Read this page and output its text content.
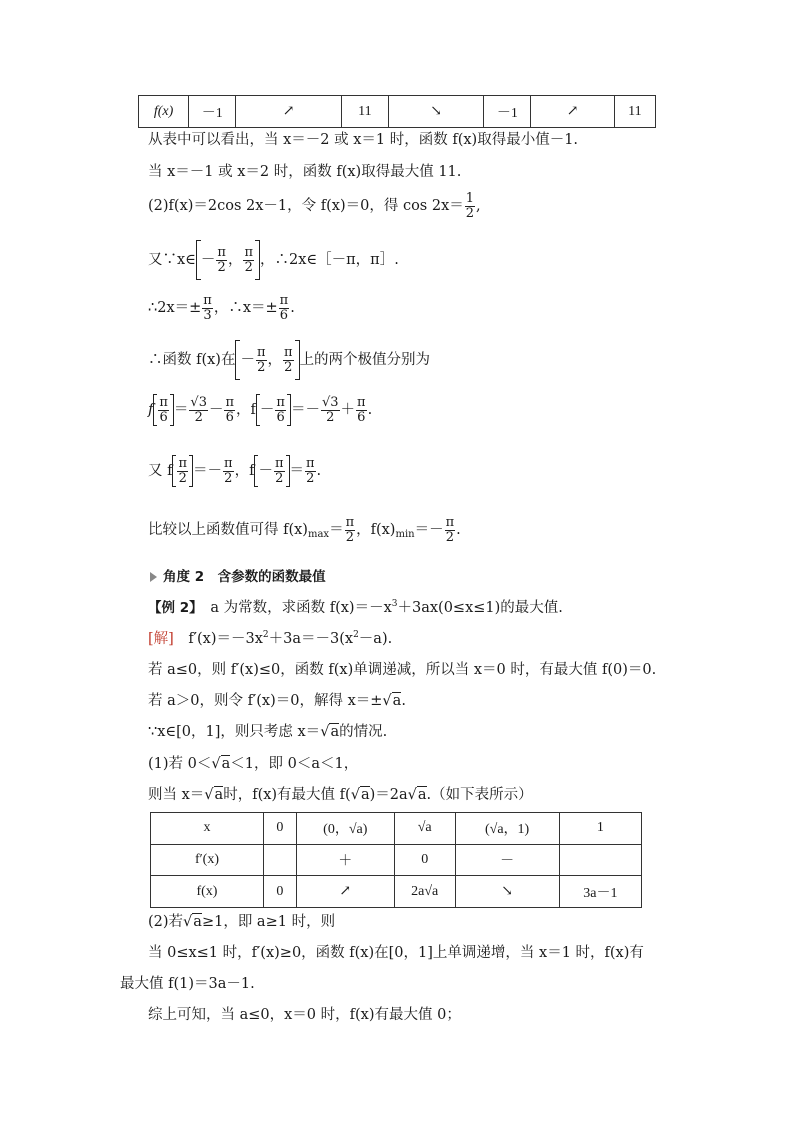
f(x)	－1	↗	11	↘	－1	↗	11
从表中可以看出，当 x＝－2 或 x＝1 时，函数 f(x)取得最小值－1.
当 x＝－1 或 x＝2 时，函数 f(x)取得最大值 11.
(2)f(x)＝2cos 2x－1，令 f(x)＝0，得 $\cos 2x= \frac{1}{2}$ ,
又∵x∈ － $\frac{\pi}{2}$ ， $\frac{\pi}{2}$ ，∴2x∈［－π，π］.
∴2x＝± $\frac{\pi}{3}$ ，∴x＝± $\frac{\pi}{6}$ .
∴函数 f(x)在 － $\frac{\pi}{2}$ ， $\frac{\pi}{2}$ 上的两个极值分别为
f $\frac{\pi}{6} = \frac{√3}{2} - \frac{\pi}{6}$ ，$f - \frac{\pi}{6} =- \frac{√3}{2} + \frac{\pi}{6}$ .
又 f $\frac{\pi}{2} =- \frac{\pi}{2}$ ，$f - \frac{\pi}{2} = \frac{\pi}{2}$ .
比较以上函数值可得 $f(x)_{max}= \frac{\pi}{2}$ ，$f(x)_{min}=- \frac{\pi}{2}$ .
角度 2　含参数的函数最值
【例 2】　a 为常数，求函数 $f(x)=-x^3+3ax(0\le x\le 1)$的最大值.
[解]　$f'(x)=-3x^2+3a=-3(x^2-a)$.
若 a≤0，则 f′(x)≤0，函数 f(x)单调递减，所以当 x＝0 时，有最大值 f(0)＝0.
若 a＞0，则令 f′(x)＝0，解得 x＝±√a.
∵x∈[0，1]，则只考虑 x＝√a的情况.
(1)若 0＜√a＜1，即 0＜a＜1，
则当 x＝√a时，f(x)有最大值 f(√a)＝2a√a.（如下表所示）
x	0	(0，√a)	√a	(√a，1)	1
f′(x)		＋	0	－	
f(x)	0	↗	2a√a	↘	3a－1
(2)若√a≥1，即 a≥1 时，则
当 0≤x≤1 时，f′(x)≥0，函数 f(x)在[0，1]上单调递增，当 x＝1 时，f(x)有
最大值 f(1)＝3a－1.
综上可知，当 a≤0，x＝0 时，f(x)有最大值 0；
